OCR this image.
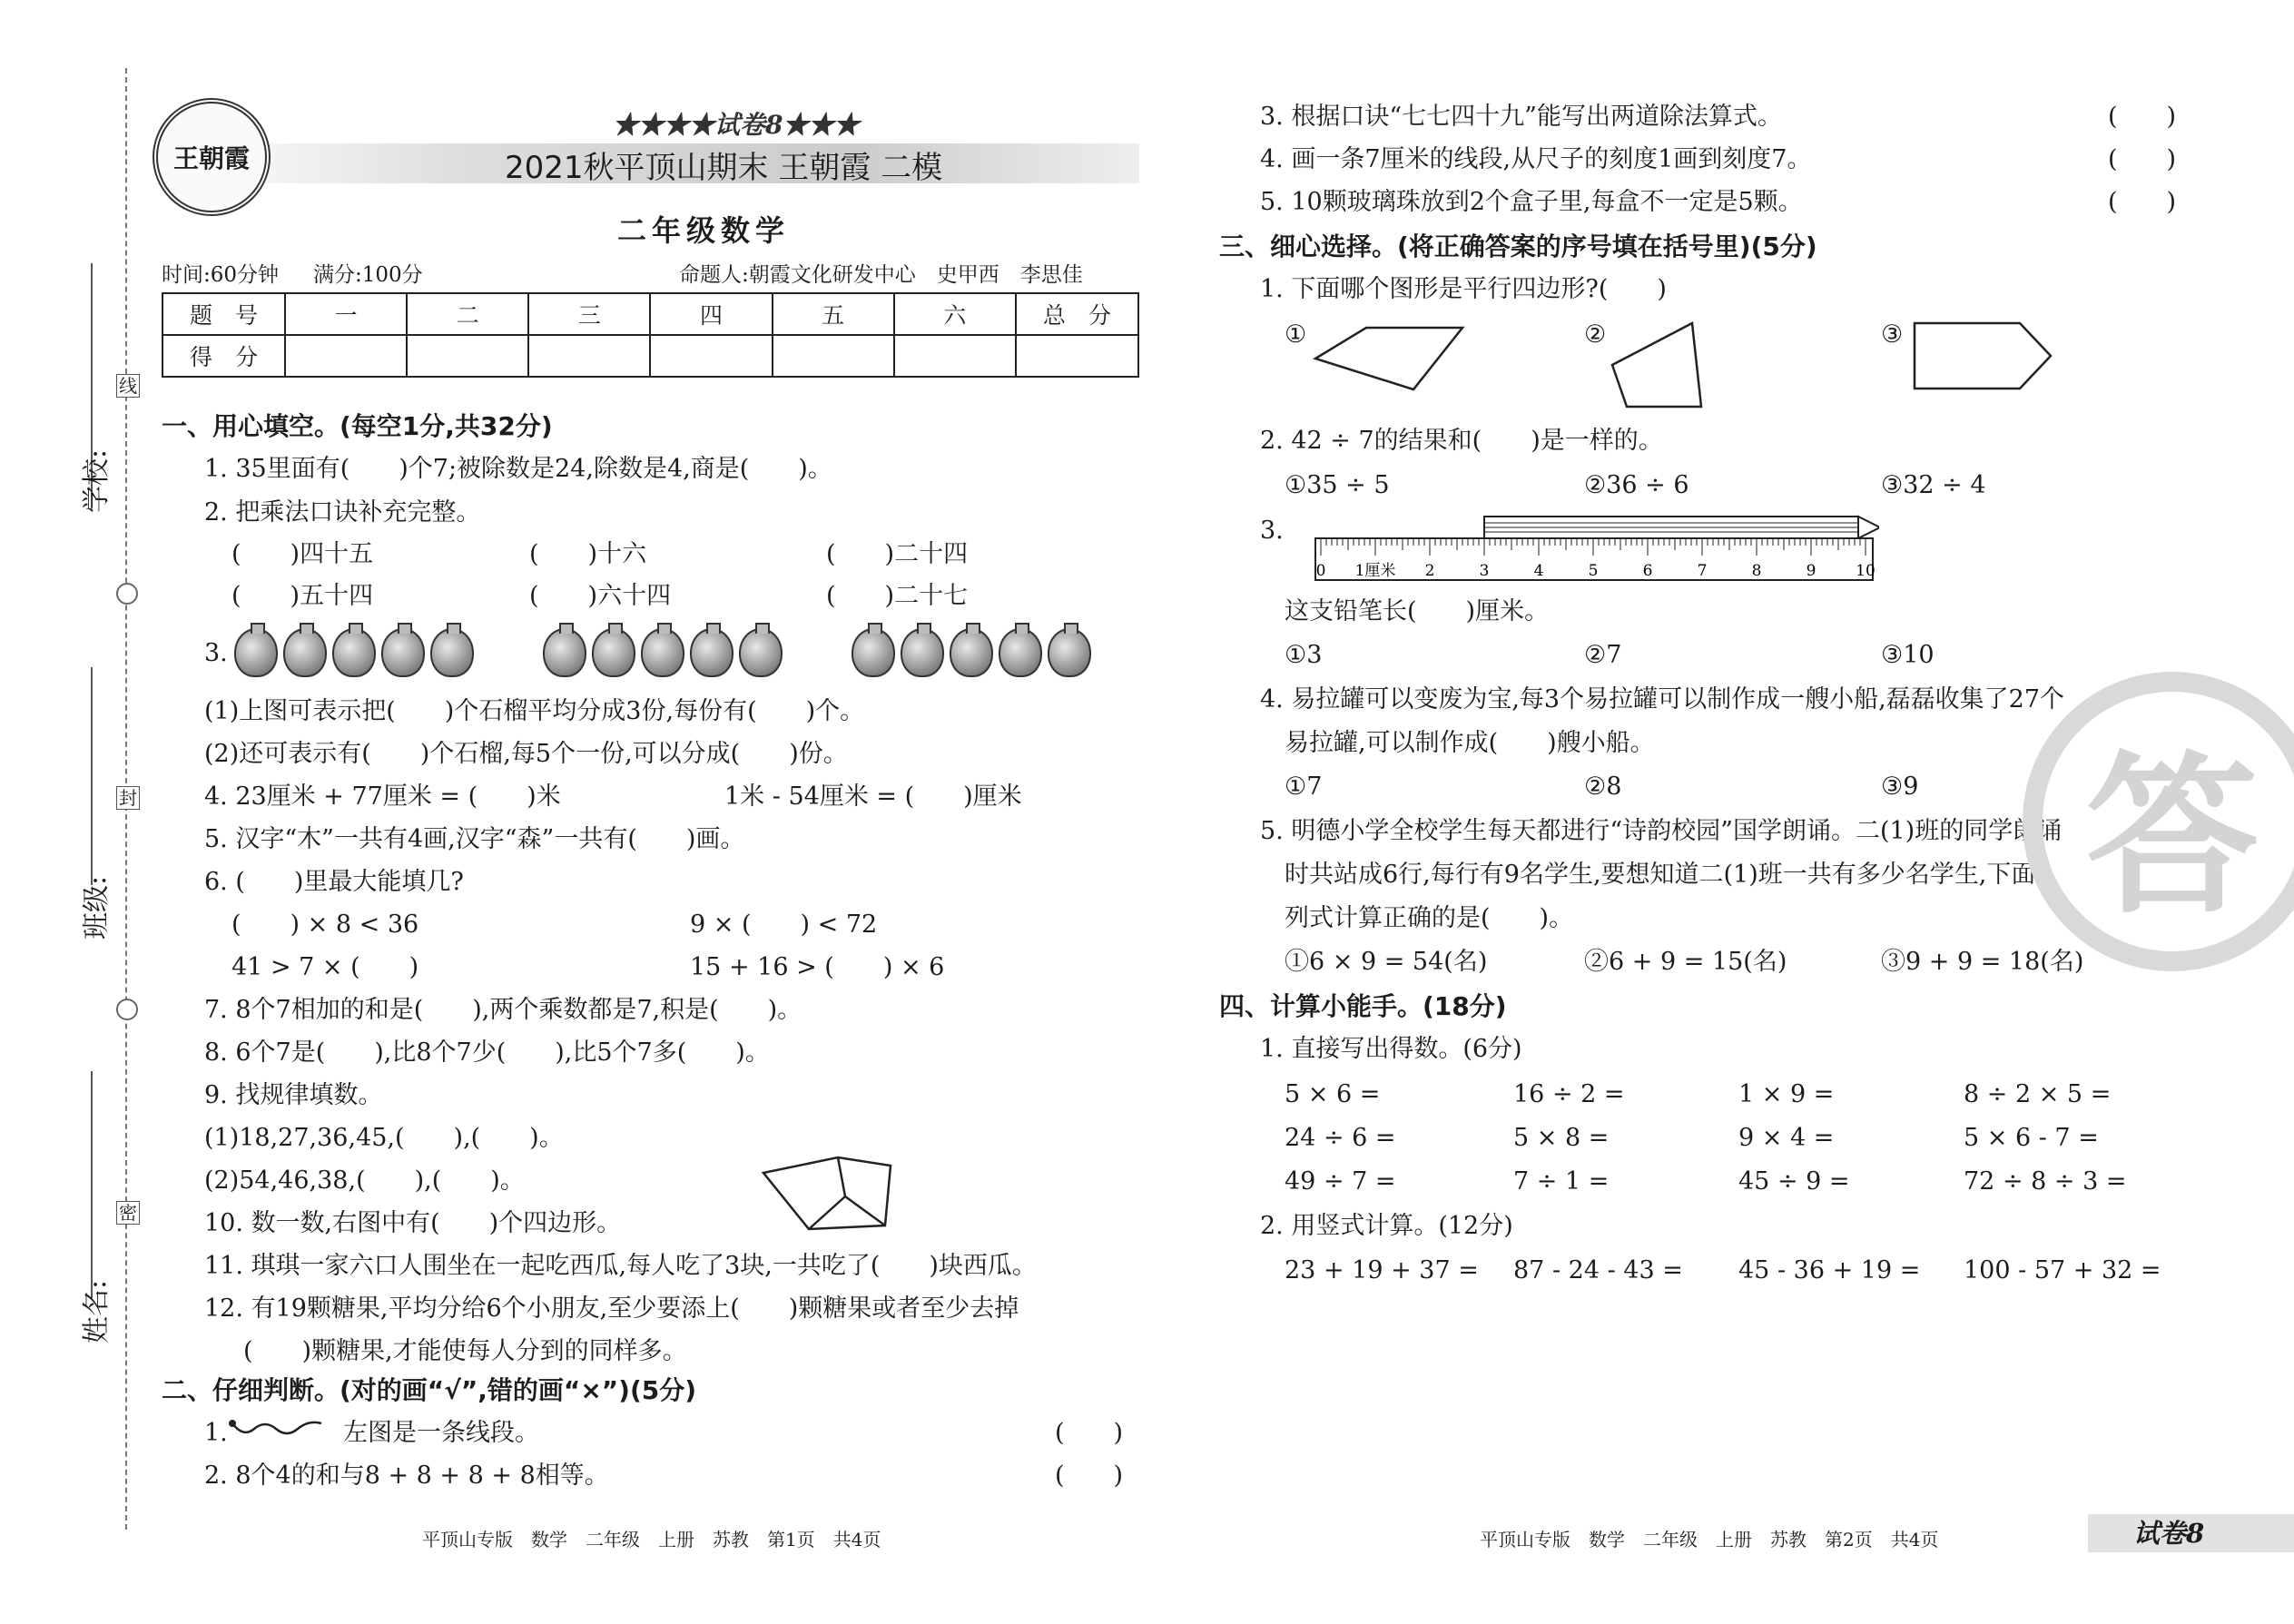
学校:
班级:
姓名:
线
封
密
王朝霞
★★★★试卷8★★★
2021秋平顶山期末 王朝霞 二模
二年级数学
时间:60分钟 满分:100分	命题人:朝霞文化研发中心　史甲西　李思佳
题　号	一	二	三	四	五	六	总　分
得　分							
一、用心填空。(每空1分,共32分)
1. 35里面有(　　)个7;被除数是24,除数是4,商是(　　)。
2. 把乘法口诀补充完整。
(　　)四十五	(　　)十六	(　　)二十四
(　　)五十四	(　　)六十四	(　　)二十七
3.
(1)上图可表示把(　　)个石榴平均分成3份,每份有(　　)个。
(2)还可表示有(　　)个石榴,每5个一份,可以分成(　　)份。
4. 23厘米 + 77厘米 = (　　)米	1米 - 54厘米 = (　　)厘米
5. 汉字“木”一共有4画,汉字“森”一共有(　　)画。
6. (　　)里最大能填几?
(　　) × 8 < 36	9 × (　　) < 72
41 > 7 × (　　)	15 + 16 > (　　) × 6
7. 8个7相加的和是(　　),两个乘数都是7,积是(　　)。
8. 6个7是(　　),比8个7少(　　),比5个7多(　　)。
9. 找规律填数。
(1)18,27,36,45,(　　),(　　)。
(2)54,46,38,(　　),(　　)。
10. 数一数,右图中有(　　)个四边形。
11. 琪琪一家六口人围坐在一起吃西瓜,每人吃了3块,一共吃了(　　)块西瓜。
12. 有19颗糖果,平均分给6个小朋友,至少要添上(　　)颗糖果或者至少去掉
(　　)颗糖果,才能使每人分到的同样多。
二、仔细判断。(对的画“√”,错的画“×”)(5分)
1.	左图是一条线段。	(　　)
2. 8个4的和与8 + 8 + 8 + 8相等。	(　　)
平顶山专版　数学　二年级　上册　苏教　第1页　共4页
3. 根据口诀“七七四十九”能写出两道除法算式。	(　　)
4. 画一条7厘米的线段,从尺子的刻度1画到刻度7。	(　　)
5. 10颗玻璃珠放到2个盒子里,每盒不一定是5颗。	(　　)
三、细心选择。(将正确答案的序号填在括号里)(5分)
1. 下面哪个图形是平行四边形?(　　)
①	②	③
2. 42 ÷ 7的结果和(　　)是一样的。
①35 ÷ 5	②36 ÷ 6	③32 ÷ 4
3.
0 1厘米 2	3	4	5	6	7	8	9	10
这支铅笔长(　　)厘米。
①3	②7	③10
4. 易拉罐可以变废为宝,每3个易拉罐可以制作成一艘小船,磊磊收集了27个
易拉罐,可以制作成(　　)艘小船。
①7	②8	③9
5. 明德小学全校学生每天都进行“诗韵校园”国学朗诵。二(1)班的同学朗诵
时共站成6行,每行有9名学生,要想知道二(1)班一共有多少名学生,下面
列式计算正确的是(　　)。
①6 × 9 = 54(名)	②6 + 9 = 15(名)	③9 + 9 = 18(名)
四、计算小能手。(18分)
1. 直接写出得数。(6分)
5 × 6 =	16 ÷ 2 =	1 × 9 =	8 ÷ 2 × 5 =
24 ÷ 6 =	5 × 8 =	9 × 4 =	5 × 6 - 7 =
49 ÷ 7 =	7 ÷ 1 =	45 ÷ 9 =	72 ÷ 8 ÷ 3 =
2. 用竖式计算。(12分)
23 + 19 + 37 = 87 - 24 - 43 = 45 - 36 + 19 = 100 - 57 + 32 =
答
平顶山专版　数学　二年级　上册　苏教　第2页　共4页	试卷8
